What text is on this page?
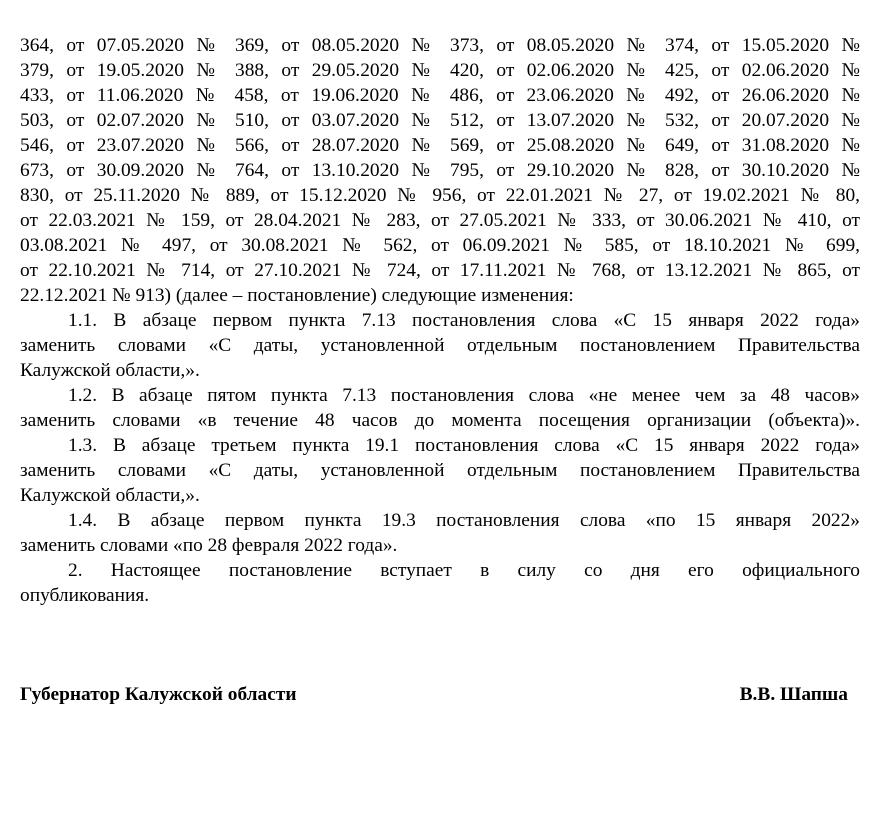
364, от 07.05.2020 № 369, от 08.05.2020 № 373, от 08.05.2020 № 374, от 15.05.2020 №
379, от 19.05.2020 № 388, от 29.05.2020 № 420, от 02.06.2020 № 425, от 02.06.2020 №
433, от 11.06.2020 № 458, от 19.06.2020 № 486, от 23.06.2020 № 492, от 26.06.2020 №
503, от 02.07.2020 № 510, от 03.07.2020 № 512, от 13.07.2020 № 532, от 20.07.2020 №
546, от 23.07.2020 № 566, от 28.07.2020 № 569, от 25.08.2020 № 649, от 31.08.2020 №
673, от 30.09.2020 № 764, от 13.10.2020 № 795, от 29.10.2020 № 828, от 30.10.2020 №
830, от 25.11.2020 № 889, от 15.12.2020 № 956, от 22.01.2021 № 27, от 19.02.2021 № 80,
от 22.03.2021 № 159, от 28.04.2021 № 283, от 27.05.2021 № 333, от 30.06.2021 № 410, от
03.08.2021 № 497, от 30.08.2021 № 562, от 06.09.2021 № 585, от 18.10.2021 № 699,
от 22.10.2021 № 714, от 27.10.2021 № 724, от 17.11.2021 № 768, от 13.12.2021 № 865, от
22.12.2021 № 913) (далее – постановление) следующие изменения:
1.1. В абзаце первом пункта 7.13 постановления слова «С 15 января 2022 года»
заменить словами «С даты, установленной отдельным постановлением Правительства
Калужской области,».
1.2. В абзаце пятом пункта 7.13 постановления слова «не менее чем за 48 часов»
заменить словами «в течение 48 часов до момента посещения организации (объекта)».
1.3. В абзаце третьем пункта 19.1 постановления слова «С 15 января 2022 года»
заменить словами «С даты, установленной отдельным постановлением Правительства
Калужской области,».
1.4. В абзаце первом пункта 19.3 постановления слова «по 15 января 2022»
заменить словами «по 28 февраля 2022 года».
2. Настоящее постановление вступает в силу со дня его официального
опубликования.
Губернатор Калужской области	В.В. Шапша
